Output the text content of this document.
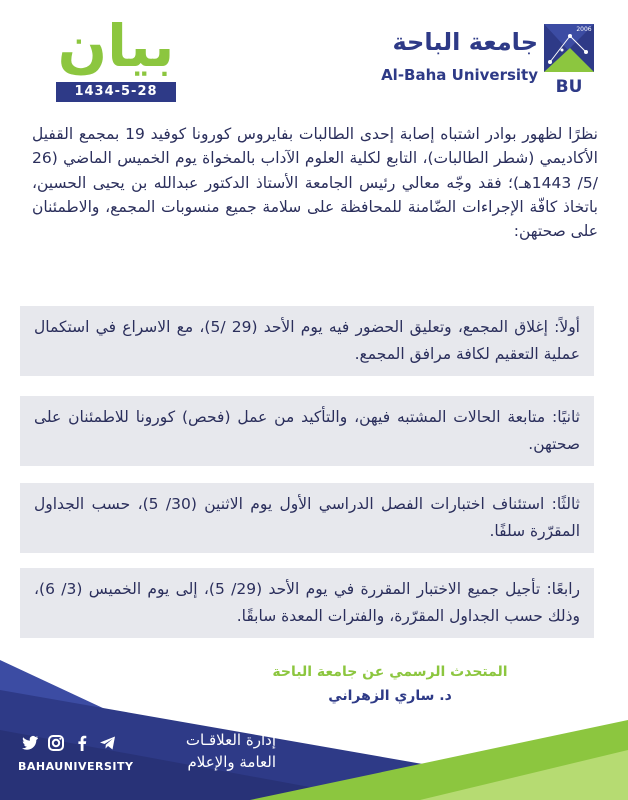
بيان
1434-5-28
جامعة الباحة
Al-Baha University
2006
BU
نظرًا لظهور بوادر اشتباه إصابة إحدى الطالبات بفايروس كورونا كوفيد 19 بمجمع القفيل الأكاديمي (شطر الطالبات)، التابع لكلية العلوم الآداب بالمخواة يوم الخميس الماضي (26 /5/ 1443هـ)؛ فقد وجّه معالي رئيس الجامعة الأستاذ الدكتور عبدالله بن يحيى الحسين، باتخاذ كافّة الإجراءات الضّامنة للمحافظة على سلامة جميع منسوبات المجمع، والاطمئنان على صحتهن:
أولاً: إغلاق المجمع، وتعليق الحضور فيه يوم الأحد (29 /5)، مع الاسراع في استكمال عملية التعقيم لكافة مرافق المجمع.
ثانيًا: متابعة الحالات المشتبه فيهن، والتأكيد من عمل (فحص) كورونا للاطمئنان على صحتهن.
ثالثًا: استئناف اختبارات الفصل الدراسي الأول يوم الاثنين (30/ 5)، حسب الجداول المقرّرة سلفًا.
رابعًا: تأجيل جميع الاختبار المقررة في يوم الأحد (29/ 5)، إلى يوم الخميس (3/ 6)، وذلك حسب الجداول المقرّرة، والفترات المعدة سابقًا.
المتحدث الرسمي عن جامعة الباحة
د. ساري الزهراني
إدارة العلاقـات
العامة والإعلام
BAHAUNIVERSITY
